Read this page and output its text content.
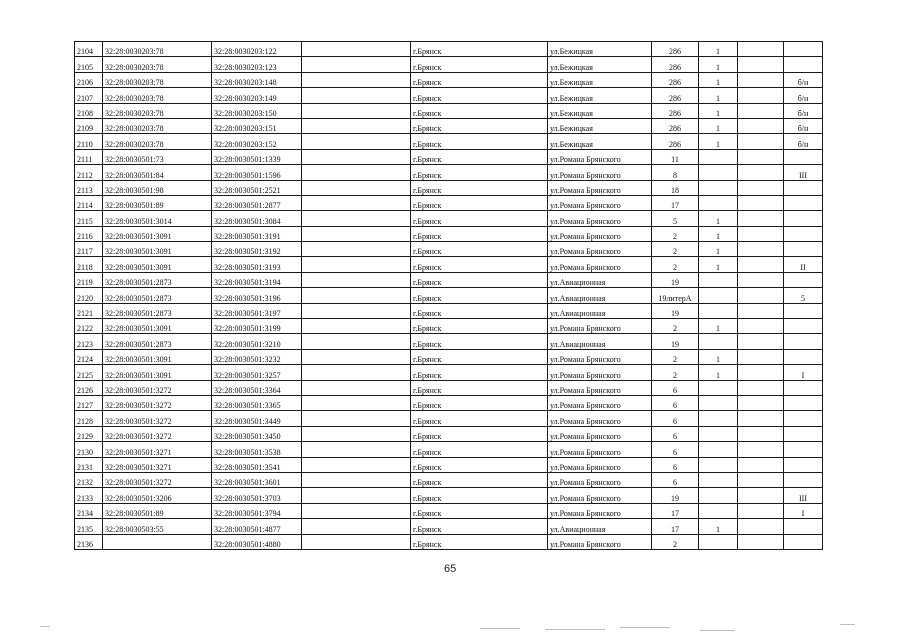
2104	32:28:0030203:78	32:28:0030203:122		г.Брянск	ул.Бежицкая	286	1		
2105	32:28:0030203:78	32:28:0030203:123		г.Брянск	ул.Бежицкая	286	1		
2106	32:28:0030203:78	32:28:0030203:148		г.Брянск	ул.Бежицкая	286	1		б/н
2107	32:28:0030203:78	32:28:0030203:149		г.Брянск	ул.Бежицкая	286	1		б/н
2108	32:28:0030203:78	32:28:0030203:150		г.Брянск	ул.Бежицкая	286	1		б/н
2109	32:28:0030203:78	32:28:0030203:151		г.Брянск	ул.Бежицкая	286	1		б/н
2110	32:28:0030203:78	32:28:0030203:152		г.Брянск	ул.Бежицкая	286	1		б/н
2111	32:28:0030501:73	32:28:0030501:1339		г.Брянск	ул.Романа Брянского	11			
2112	32:28:0030501:84	32:28:0030501:1596		г.Брянск	ул.Романа Брянского	8			III
2113	32:28:0030501:98	32:28:0030501:2521		г.Брянск	ул.Романа Брянского	18			
2114	32:28:0030501:89	32:28:0030501:2877		г.Брянск	ул.Романа Брянского	17			
2115	32:28:0030501:3014	32:28:0030501:3084		г.Брянск	ул.Романа Брянского	5	1		
2116	32:28:0030501:3091	32:28:0030501:3191		г.Брянск	ул.Романа Брянского	2	1		
2117	32:28:0030501:3091	32:28:0030501:3192		г.Брянск	ул.Романа Брянского	2	1		
2118	32:28:0030501:3091	32:28:0030501:3193		г.Брянск	ул.Романа Брянского	2	1		II
2119	32:28:0030501:2873	32:28:0030501:3194		г.Брянск	ул.Авиационная	19			
2120	32:28:0030501:2873	32:28:0030501:3196		г.Брянск	ул.Авиационная	19литерА			5
2121	32:28:0030501:2873	32:28:0030501:3197		г.Брянск	ул.Авиационная	19			
2122	32:28:0030501:3091	32:28:0030501:3199		г.Брянск	ул.Романа Брянского	2	1		
2123	32:28:0030501:2873	32:28:0030501:3210		г.Брянск	ул.Авиационная	19			
2124	32:28:0030501:3091	32:28:0030501:3232		г.Брянск	ул.Романа Брянского	2	1		
2125	32:28:0030501:3091	32:28:0030501:3257		г.Брянск	ул.Романа Брянского	2	1		I
2126	32:28:0030501:3272	32:28:0030501:3364		г.Брянск	ул.Романа Брянского	6			
2127	32:28:0030501:3272	32:28:0030501:3365		г.Брянск	ул.Романа Брянского	6			
2128	32:28:0030501:3272	32:28:0030501:3449		г.Брянск	ул.Романа Брянского	6			
2129	32:28:0030501:3272	32:28:0030501:3450		г.Брянск	ул.Романа Брянского	6			
2130	32:28:0030501:3271	32:28:0030501:3538		г.Брянск	ул.Романа Брянского	6			
2131	32:28:0030501:3271	32:28:0030501:3541		г.Брянск	ул.Романа Брянского	6			
2132	32:28:0030501:3272	32:28:0030501:3601		г.Брянск	ул.Романа Брянского	6			
2133	32:28:0030501:3206	32:28:0030501:3703		г.Брянск	ул.Романа Брянского	19			III
2134	32:28:0030501:89	32:28:0030501:3794		г.Брянск	ул.Романа Брянского	17			I
2135	32:28:0030503:55	32:28:0030501:4877		г.Брянск	ул.Авиационная	17	1		
2136		32:28:0030501:4880		г.Брянск	ул.Романа Брянского	2			
65
